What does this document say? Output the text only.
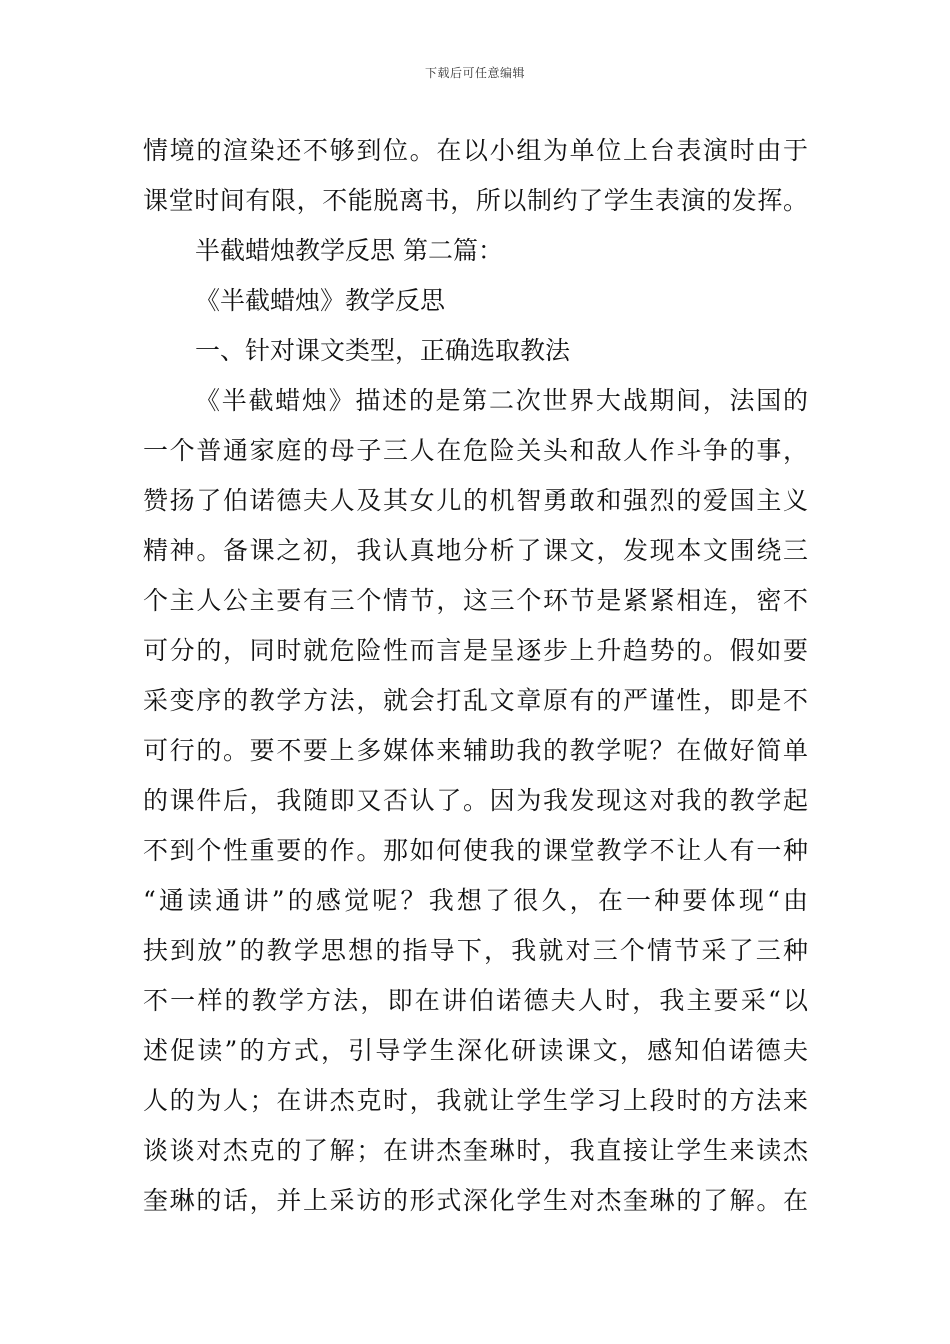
下载后可任意编辑
情境的渲染还不够到位。在以小组为单位上台表演时由于
课堂时间有限，不能脱离书，所以制约了学生表演的发挥。
半截蜡烛教学反思 第二篇：
《半截蜡烛》教学反思
一、针对课文类型，正确选取教法
《半截蜡烛》描述的是第二次世界大战期间，法国的
一个普通家庭的母子三人在危险关头和敌人作斗争的事，
赞扬了伯诺德夫人及其女儿的机智勇敢和强烈的爱国主义
精神。备课之初，我认真地分析了课文，发现本文围绕三
个主人公主要有三个情节，这三个环节是紧紧相连，密不
可分的，同时就危险性而言是呈逐步上升趋势的。假如要
采变序的教学方法，就会打乱文章原有的严谨性，即是不
可行的。要不要上多媒体来辅助我的教学呢？在做好简单
的课件后，我随即又否认了。因为我发现这对我的教学起
不到个性重要的作。那如何使我的课堂教学不让人有一种
“通读通讲”的感觉呢？我想了很久，在一种要体现“由
扶到放”的教学思想的指导下，我就对三个情节采了三种
不一样的教学方法，即在讲伯诺德夫人时，我主要采“以
述促读”的方式，引导学生深化研读课文，感知伯诺德夫
人的为人；在讲杰克时，我就让学生学习上段时的方法来
谈谈对杰克的了解；在讲杰奎琳时，我直接让学生来读杰
奎琳的话，并上采访的形式深化学生对杰奎琳的了解。在
